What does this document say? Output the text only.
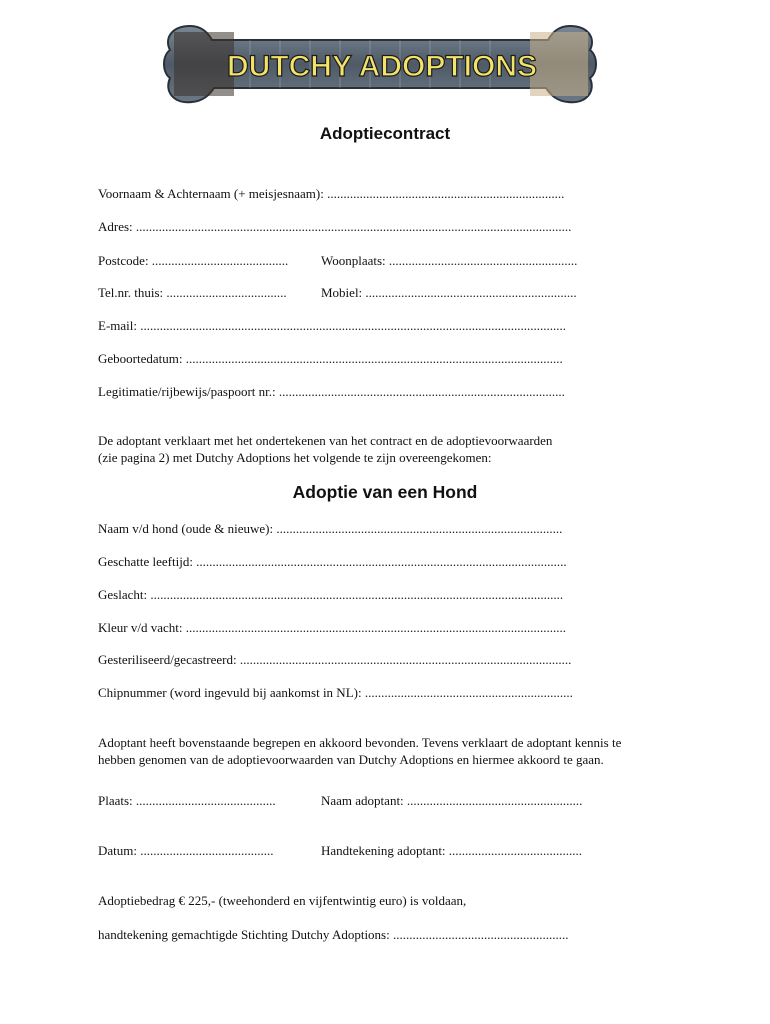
DUTCHY ADOPTIONS
Adoptiecontract
Voornaam & Achternaam (+ meisjesnaam): .........................................................................
Adres: ......................................................................................................................................
Postcode: ..........................................	Woonplaats: ..........................................................
Tel.nr. thuis: .....................................	Mobiel: .................................................................
E-mail: ...................................................................................................................................
Geboortedatum: ....................................................................................................................
Legitimatie/rijbewijs/paspoort nr.: ........................................................................................
De adoptant verklaart met het ondertekenen van het contract en de adoptievoorwaarden
(zie pagina 2) met Dutchy Adoptions het volgende te zijn overeengekomen:
Adoptie van een Hond
Naam v/d hond (oude & nieuwe): ........................................................................................
Geschatte leeftijd: ..................................................................................................................
Geslacht: ...............................................................................................................................
Kleur v/d vacht: .....................................................................................................................
Gesteriliseerd/gecastreerd: ......................................................................................................
Chipnummer (word ingevuld bij aankomst in NL): ................................................................
Adoptant heeft bovenstaande begrepen en akkoord bevonden. Tevens verklaart de adoptant kennis te
hebben genomen van de adoptievoorwaarden van Dutchy Adoptions en hiermee akkoord te gaan.
Plaats: ...........................................	Naam adoptant: ......................................................
Datum: .........................................	Handtekening adoptant: .........................................
Adoptiebedrag € 225,- (tweehonderd en vijfentwintig euro) is voldaan,
handtekening gemachtigde Stichting Dutchy Adoptions: ......................................................
